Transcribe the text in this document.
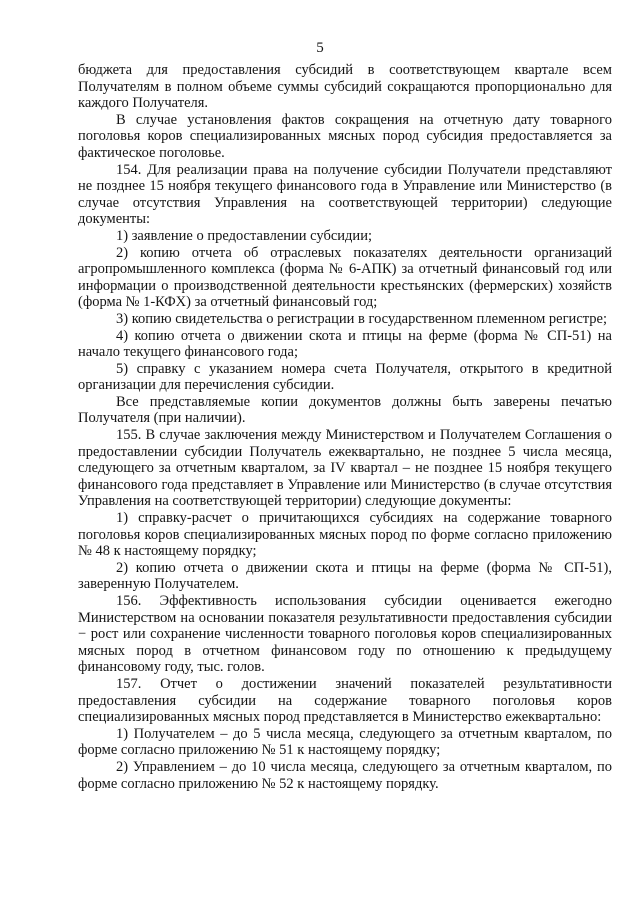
5

бюджета для предоставления субсидий в соответствующем квартале всем Получателям в полном объеме суммы субсидий сокращаются пропорционально для каждого Получателя.

В случае установления фактов сокращения на отчетную дату товарного поголовья коров специализированных мясных пород субсидия предоставляется за фактическое поголовье.

154. Для реализации права на получение субсидии Получатели представляют не позднее 15 ноября текущего финансового года в Управление или Министерство (в случае отсутствия Управления на соответствующей территории) следующие документы:

1) заявление о предоставлении субсидии;

2) копию отчета об отраслевых показателях деятельности организаций агропромышленного комплекса (форма № 6-АПК) за отчетный финансовый год или информации о производственной деятельности крестьянских (фермерских) хозяйств (форма № 1-КФХ) за отчетный финансовый год;

3) копию свидетельства о регистрации в государственном племенном регистре;

4) копию отчета о движении скота и птицы на ферме (форма № СП-51) на начало текущего финансового года;

5) справку с указанием номера счета Получателя, открытого в кредитной организации для перечисления субсидии.

Все представляемые копии документов должны быть заверены печатью Получателя (при наличии).

155. В случае заключения между Министерством и Получателем Соглашения о предоставлении субсидии Получатель ежеквартально, не позднее 5 числа месяца, следующего за отчетным кварталом, за IV квартал – не позднее 15 ноября текущего финансового года представляет в Управление или Министерство (в случае отсутствия Управления на соответствующей территории) следующие документы:

1) справку-расчет о причитающихся субсидиях на содержание товарного поголовья коров специализированных мясных пород по форме согласно приложению № 48 к настоящему порядку;

2) копию отчета о движении скота и птицы на ферме (форма № СП-51), заверенную Получателем.

156. Эффективность использования субсидии оценивается ежегодно Министерством на основании показателя результативности предоставления субсидии − рост или сохранение численности товарного поголовья коров специализированных мясных пород в отчетном финансовом году по отношению к предыдущему финансовому году, тыс. голов.

157. Отчет о достижении значений показателей результативности предоставления субсидии на содержание товарного поголовья коров специализированных мясных пород представляется в Министерство ежеквартально:

1) Получателем – до 5 числа месяца, следующего за отчетным кварталом, по форме согласно приложению № 51 к настоящему порядку;

2) Управлением – до 10 числа месяца, следующего за отчетным кварталом, по форме согласно приложению № 52 к настоящему порядку.
